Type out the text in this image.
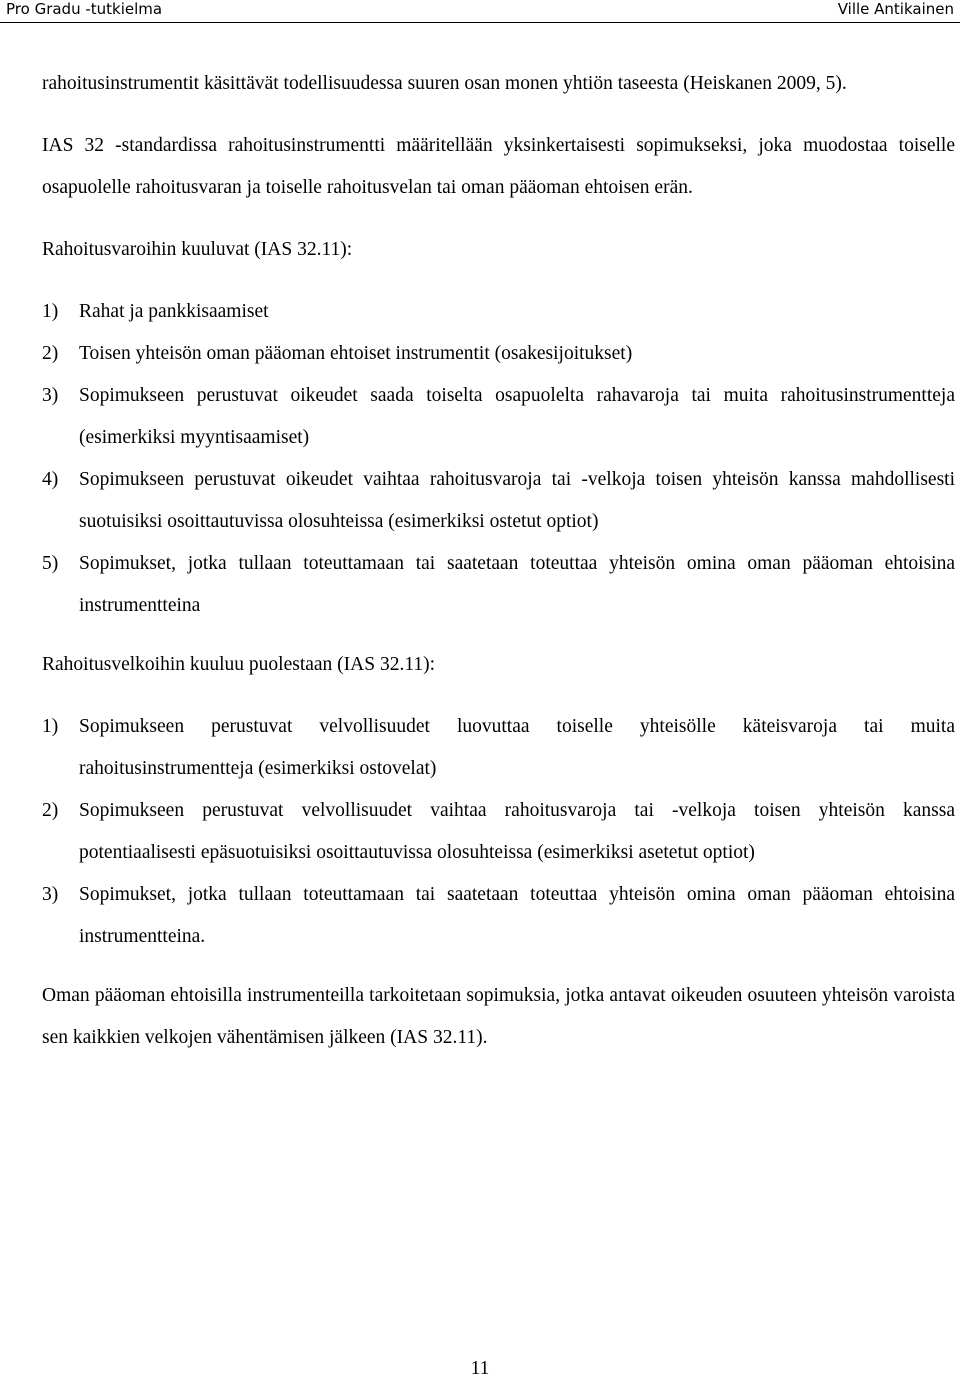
Pro Gradu -tutkielma	Ville Antikainen

rahoitusinstrumentit käsittävät todellisuudessa suuren osan monen yhtiön taseesta (Heiskanen 2009, 5).

IAS 32 -standardissa rahoitusinstrumentti määritellään yksinkertaisesti sopimukseksi, joka muodostaa toiselle osapuolelle rahoitusvaran ja toiselle rahoitusvelan tai oman pääoman ehtoisen erän.

Rahoitusvaroihin kuuluvat (IAS 32.11):

1) Rahat ja pankkisaamiset
2) Toisen yhteisön oman pääoman ehtoiset instrumentit (osakesijoitukset)
3) Sopimukseen perustuvat oikeudet saada toiselta osapuolelta rahavaroja tai muita rahoitusinstrumentteja (esimerkiksi myyntisaamiset)
4) Sopimukseen perustuvat oikeudet vaihtaa rahoitusvaroja tai -velkoja toisen yhteisön kanssa mahdollisesti suotuisiksi osoittautuvissa olosuhteissa (esimerkiksi ostetut optiot)
5) Sopimukset, jotka tullaan toteuttamaan tai saatetaan toteuttaa yhteisön omina oman pääoman ehtoisina instrumentteina

Rahoitusvelkoihin kuuluu puolestaan (IAS 32.11):

1) Sopimukseen perustuvat velvollisuudet luovuttaa toiselle yhteisölle käteisvaroja tai muita rahoitusinstrumentteja (esimerkiksi ostovelat)
2) Sopimukseen perustuvat velvollisuudet vaihtaa rahoitusvaroja tai -velkoja toisen yhteisön kanssa potentiaalisesti epäsuotuisiksi osoittautuvissa olosuhteissa (esimerkiksi asetetut optiot)
3) Sopimukset, jotka tullaan toteuttamaan tai saatetaan toteuttaa yhteisön omina oman pääoman ehtoisina instrumentteina.

Oman pääoman ehtoisilla instrumenteilla tarkoitetaan sopimuksia, jotka antavat oikeuden osuuteen yhteisön varoista sen kaikkien velkojen vähentämisen jälkeen (IAS 32.11).

11
